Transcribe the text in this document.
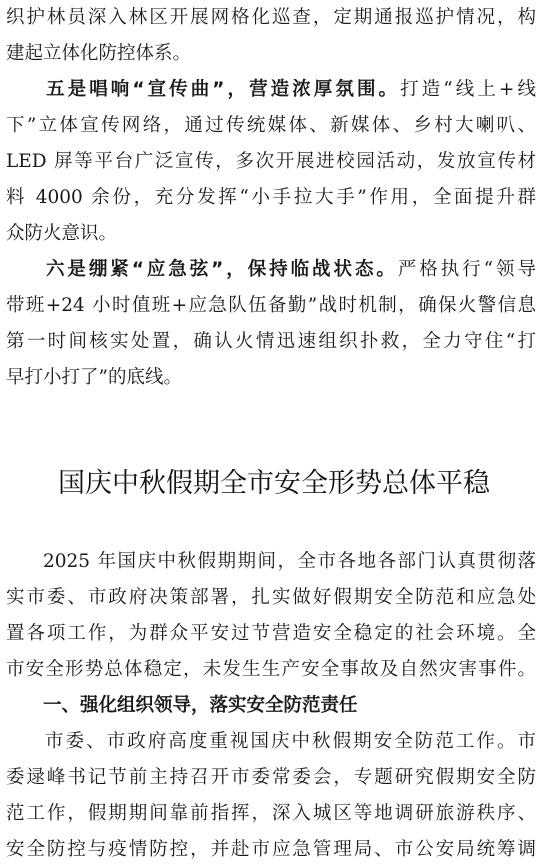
织护林员深入林区开展网格化巡查，定期通报巡护情况，构
建起立体化防控体系。
  五是唱响“宣传曲”，营造浓厚氛围。打造“线上+线
下”立体宣传网络，通过传统媒体、新媒体、乡村大喇叭、
LED 屏等平台广泛宣传，多次开展进校园活动，发放宣传材
料 4000 余份，充分发挥“小手拉大手”作用，全面提升群
众防火意识。
  六是绷紧“应急弦”，保持临战状态。严格执行“领导
带班+24 小时值班+应急队伍备勤”战时机制，确保火警信息
第一时间核实处置，确认火情迅速组织扑救，全力守住“打
早打小打了”的底线。
国庆中秋假期全市安全形势总体平稳
  2025 年国庆中秋假期期间，全市各地各部门认真贯彻落
实市委、市政府决策部署，扎实做好假期安全防范和应急处
置各项工作，为群众平安过节营造安全稳定的社会环境。全
市安全形势总体稳定，未发生生产安全事故及自然灾害事件。
  一、强化组织领导，落实安全防范责任
  市委、市政府高度重视国庆中秋假期安全防范工作。市
委逯峰书记节前主持召开市委常委会，专题研究假期安全防
范工作，假期期间靠前指挥，深入城区等地调研旅游秩序、
安全防控与疫情防控，并赴市应急管理局、市公安局统筹调
